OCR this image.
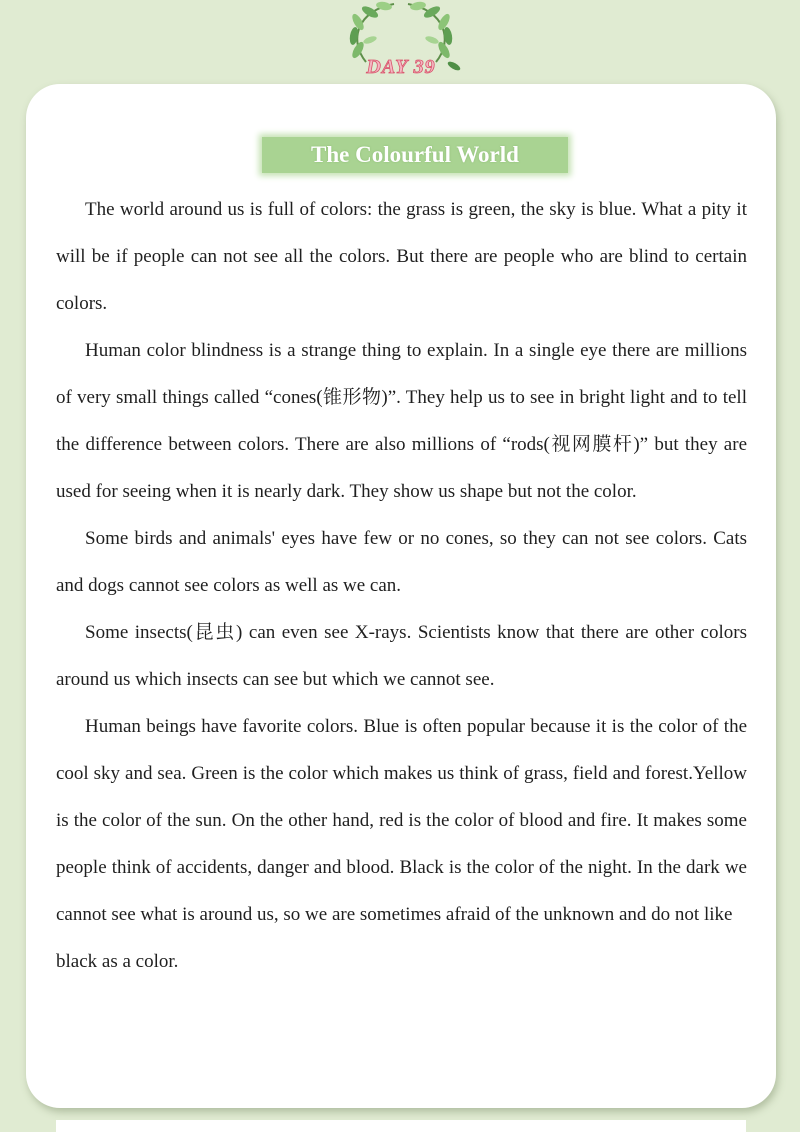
DAY 39
The Colourful World

The world around us is full of colors: the grass is green, the sky is blue. What a pity it will be if people can not see all the colors. But there are people who are blind to certain colors.

Human color blindness is a strange thing to explain. In a single eye there are millions of very small things called “cones(锥形物)”. They help us to see in bright light and to tell the difference between colors. There are also millions of “rods(视网膜杆)” but they are used for seeing when it is nearly dark. They show us shape but not the color.

Some birds and animals' eyes have few or no cones, so they can not see colors. Cats and dogs cannot see colors as well as we can.

Some insects(昆虫) can even see X-rays. Scientists know that there are other colors around us which insects can see but which we cannot see.

Human beings have favorite colors. Blue is often popular because it is the color of the cool sky and sea. Green is the color which makes us think of grass, field and forest.Yellow is the color of the sun. On the other hand, red is the color of blood and fire. It makes some people think of accidents, danger and blood. Black is the color of the night. In the dark we cannot see what is around us, so we are sometimes afraid of the unknown and do not like

black as a color.
